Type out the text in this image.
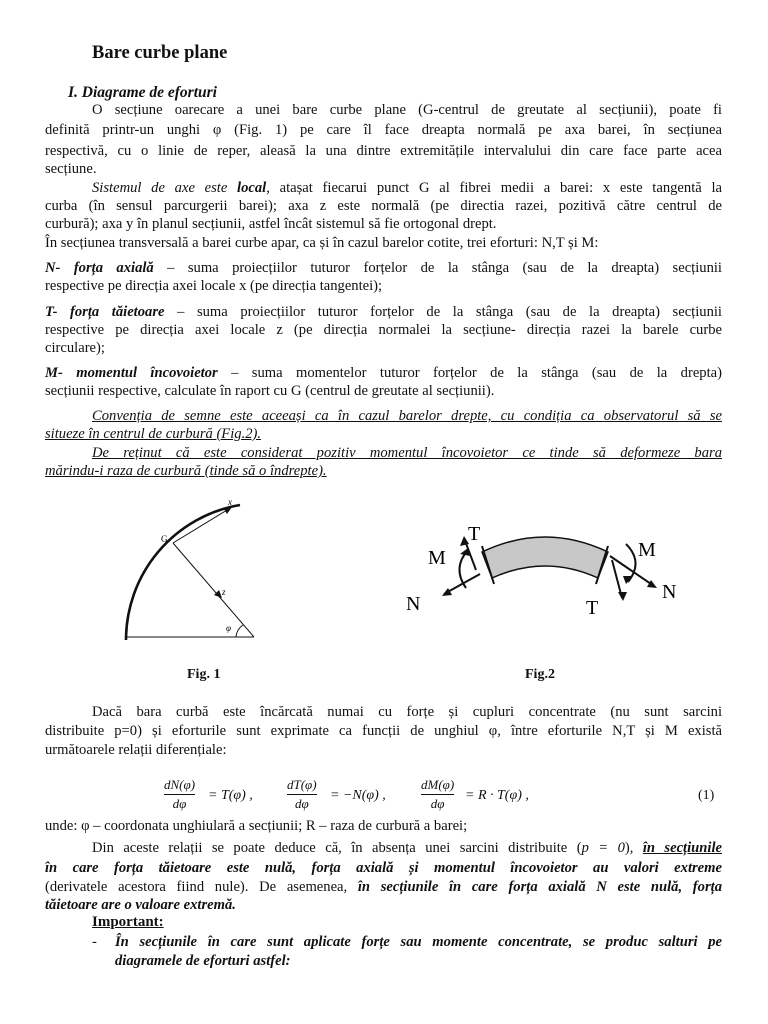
Bare curbe plane
I. Diagrame de eforturi
O secțiune oarecare a unei bare curbe plane (G-centrul de greutate al secțiunii), poate fi
definită printr-un unghi φ (Fig. 1) pe care îl face dreapta normală pe axa barei, în secțiunea
respectivă, cu o linie de reper, aleasă la una dintre extremitățile intervalului din care face parte acea
secțiune.
Sistemul de axe este local, atașat fiecarui punct G al fibrei medii a barei: x este tangentă la
curba (în sensul parcurgerii barei); axa z este normală (pe directia razei, pozitivă către centrul de
curbură); axa y în planul secțiunii, astfel încât sistemul să fie ortogonal drept.
În secțiunea transversală a barei curbe apar, ca și în cazul barelor cotite, trei eforturi: N,T și M:
N- forța axială – suma proiecțiilor tuturor forțelor de la stânga (sau de la dreapta) secțiunii
respective pe direcția axei locale x (pe direcția tangentei);
T- forța tăietoare – suma proiecțiilor tuturor forțelor de la stânga (sau de la dreapta) secțiunii
respective pe direcția axei locale z (pe direcția normalei la secțiune- direcția razei la barele curbe
circulare);
M- momentul încovoietor – suma momentelor tuturor forțelor de la stânga (sau de la drepta)
secțiunii respective, calculate în raport cu G (centrul de greutate al secțiunii).
Convenția de semne este aceeași ca în cazul barelor drepte, cu condiția ca observatorul să se
situeze în centrul de curbură (Fig.2).
De reținut că este considerat pozitiv momentul încovoietor ce tinde să deformeze bara
mărindu-i raza de curbură (tinde să o îndrepte).
x
G
z
φ
Fig. 1
T
M
N
M
N
T
Fig.2
Dacă bara curbă este încărcată numai cu forțe și cupluri concentrate (nu sunt sarcini
distribuite p=0) și eforturile sunt exprimate ca funcții de unghiul φ, între eforturile N,T și M există
următoarele relații diferențiale:
dN(φ)
dφ
= T(φ) ,
dT(φ)
dφ
= −N(φ) ,
dM(φ)
dφ
= R · T(φ) ,	(1)
unde: φ – coordonata unghiulară a secțiunii; R – raza de curbură a barei;
Din aceste relații se poate deduce că, în absența unei sarcini distribuite (p = 0), în secțiunile
în care forța tăietoare este nulă, forța axială și momentul încovoietor au valori extreme
(derivatele acestora fiind nule). De asemenea, în secțiunile în care forța axială N este nulă, forța
tăietoare are o valoare extremă.
Important:
-	În secțiunile în care sunt aplicate forțe sau momente concentrate, se produc salturi pe
diagramele de eforturi astfel:
